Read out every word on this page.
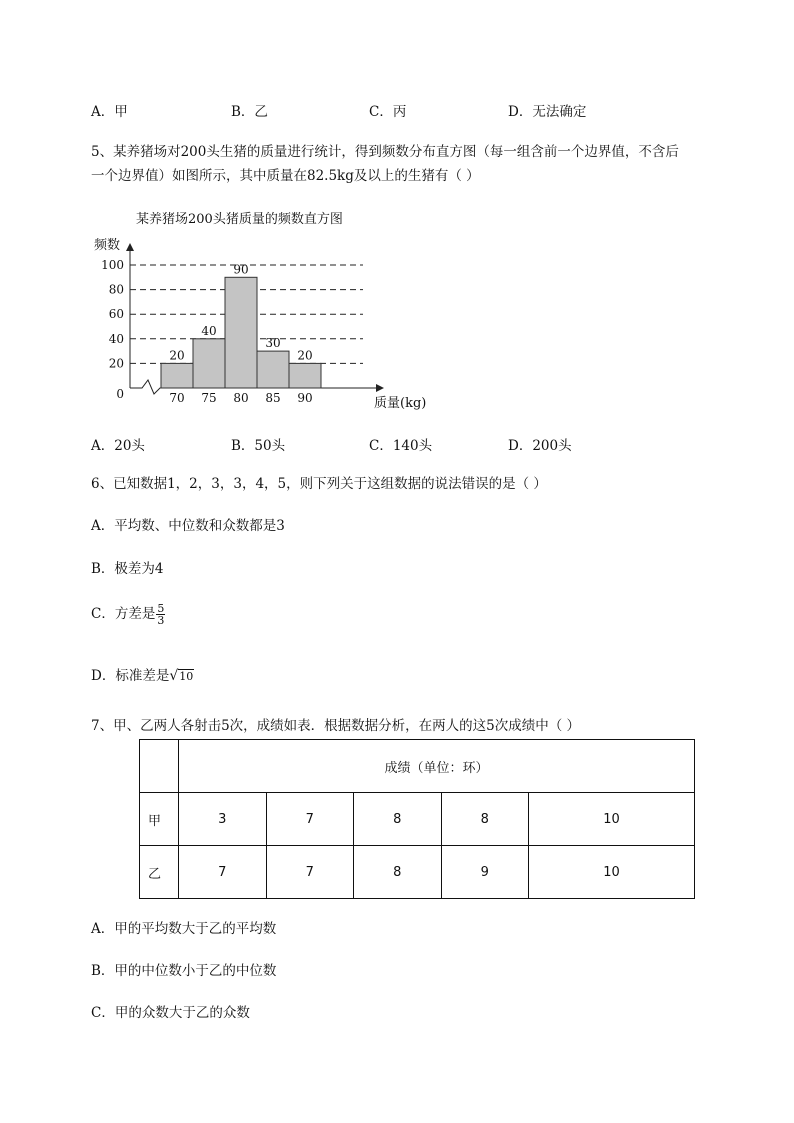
A．甲	B．乙	C．丙	D．无法确定
5、某养猪场对200头生猪的质量进行统计，得到频数分布直方图（每一组含前一个边界值，不含后
一个边界值）如图所示，其中质量在82.5kg及以上的生猪有（ ）
某养猪场200头猪质量的频数直方图
频数
质量(kg)
20
40
60
80
100
0
20
40
90
30
20
70 75 80 85 90
A．20头	B．50头	C．140头	D．200头
6、已知数据1，2，3，3，4，5，则下列关于这组数据的说法错误的是（ ）
A．平均数、中位数和众数都是3
B．极差为4
C．方差是 $\frac{5}{3}$
D．标准差是√10
7、甲、乙两人各射击5次，成绩如表．根据数据分析，在两人的这5次成绩中（ ）
	成绩（单位：环）				
甲	3	7	8	8	10
乙	7	7	8	9	10
A．甲的平均数大于乙的平均数
B．甲的中位数小于乙的中位数
C．甲的众数大于乙的众数
